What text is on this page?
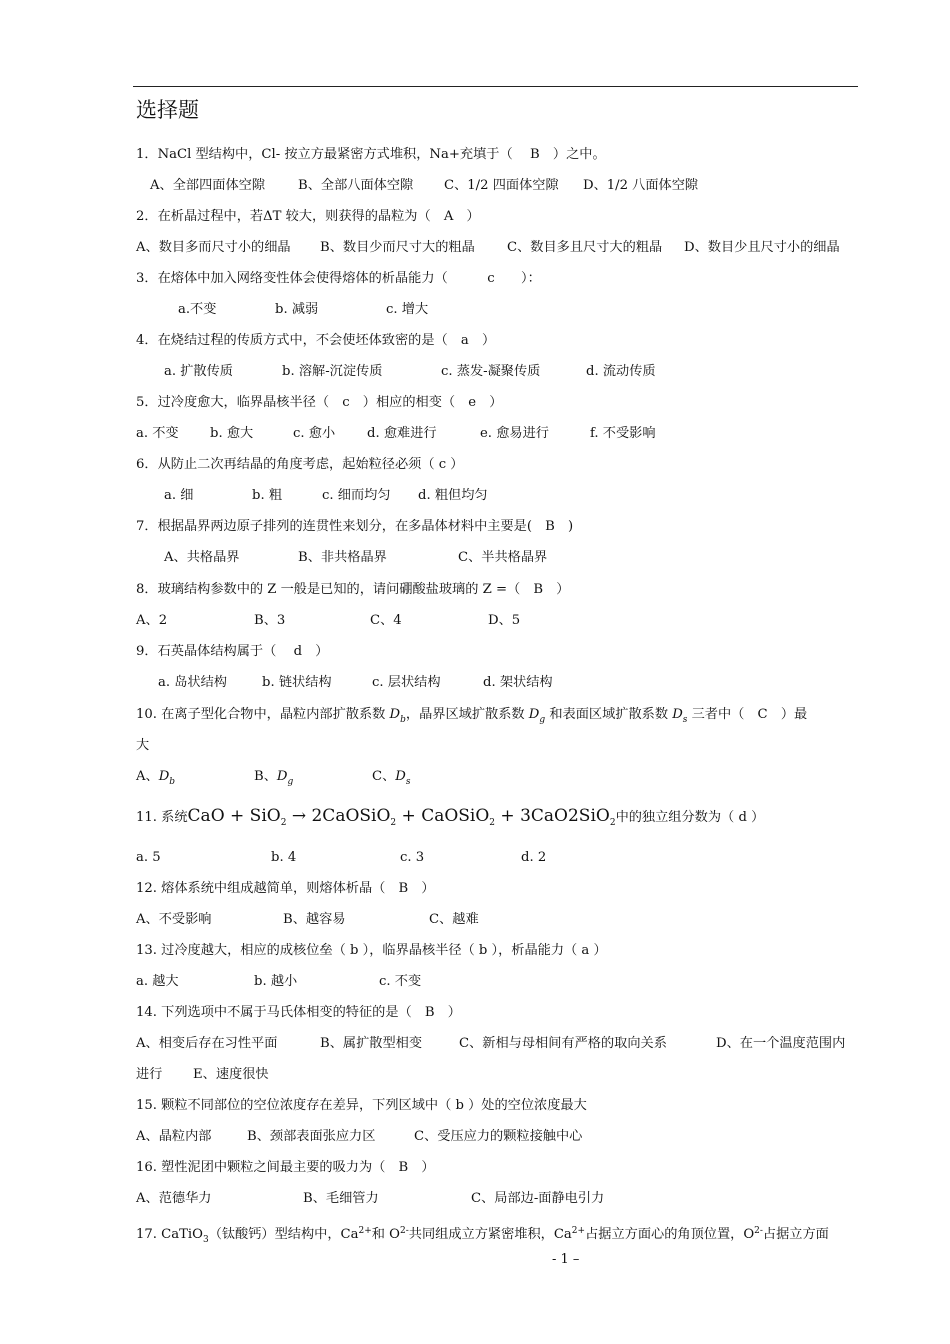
选择题
1．NaCl 型结构中，Cl- 按立方最紧密方式堆积，Na+充填于（　 B　）之中。
A、全部四面体空隙 B、全部八面体空隙 C、1/2 四面体空隙 D、1/2 八面体空隙
2．在析晶过程中，若ΔT 较大，则获得的晶粒为（　A　）
A、数目多而尺寸小的细晶 B、数目少而尺寸大的粗晶 C、数目多且尺寸大的粗晶 D、数目少且尺寸小的细晶
3．在熔体中加入网络变性体会使得熔体的析晶能力（　　　c　　）：
a.不变	b. 减弱	c. 增大
4．在烧结过程的传质方式中，不会使坯体致密的是（　a　）
a. 扩散传质	b. 溶解-沉淀传质	c. 蒸发-凝聚传质	d. 流动传质
5．过冷度愈大，临界晶核半径（　c　）相应的相变（　e　）
a. 不变 b. 愈大	c. 愈小 d. 愈难进行	e. 愈易进行	f. 不受影响
6．从防止二次再结晶的角度考虑，起始粒径必须（ c ）
a. 细	b. 粗	c. 细而均匀 d. 粗但均匀
7．根据晶界两边原子排列的连贯性来划分，在多晶体材料中主要是(　B　)
A、共格晶界	B、非共格晶界	C、半共格晶界
8．玻璃结构参数中的 Z 一般是已知的，请问硼酸盐玻璃的 Z =（　B　）
A、2	B、3	C、4	D、5
9．石英晶体结构属于（　 d　）
a. 岛状结构	b. 链状结构	c. 层状结构	d. 架状结构
10. 在离子型化合物中，晶粒内部扩散系数 $D_b$，晶界区域扩散系数 $D_g$ 和表面区域扩散系数 $D_s$ 三者中（　C　）最
大
A、$D_b$	B、$D_g$	C、$D_s$
11. 系统CaO + SiO$_2$ → 2CaOSiO$_2$ + CaOSiO$_2$ + 3CaO2SiO$_2$中的独立组分数为（ d ）
a. 5	b. 4	c. 3	d. 2
12. 熔体系统中组成越简单，则熔体析晶（　B　）
A、不受影响	B、越容易	C、越难
13. 过冷度越大，相应的成核位垒（ b ），临界晶核半径（ b ），析晶能力（ a ）
a. 越大	b. 越小	c. 不变
14. 下列选项中不属于马氏体相变的特征的是（　B　）
A、相变后存在习性平面	B、属扩散型相变	C、新相与母相间有严格的取向关系	D、在一个温度范围内
进行 E、速度很快
15. 颗粒不同部位的空位浓度存在差异，下列区域中（ b ）处的空位浓度最大
A、晶粒内部	B、颈部表面张应力区	C、受压应力的颗粒接触中心
16. 塑性泥团中颗粒之间最主要的吸力为（　B　）
A、范德华力	B、毛细管力	C、局部边-面静电引力
17. CaTiO$_3$（钛酸钙）型结构中，$Ca^{2+}$和 $O^{2-}$共同组成立方紧密堆积，$Ca^{2+}$占据立方面心的角顶位置，$O^{2-}$占据立方面
- 1 –
